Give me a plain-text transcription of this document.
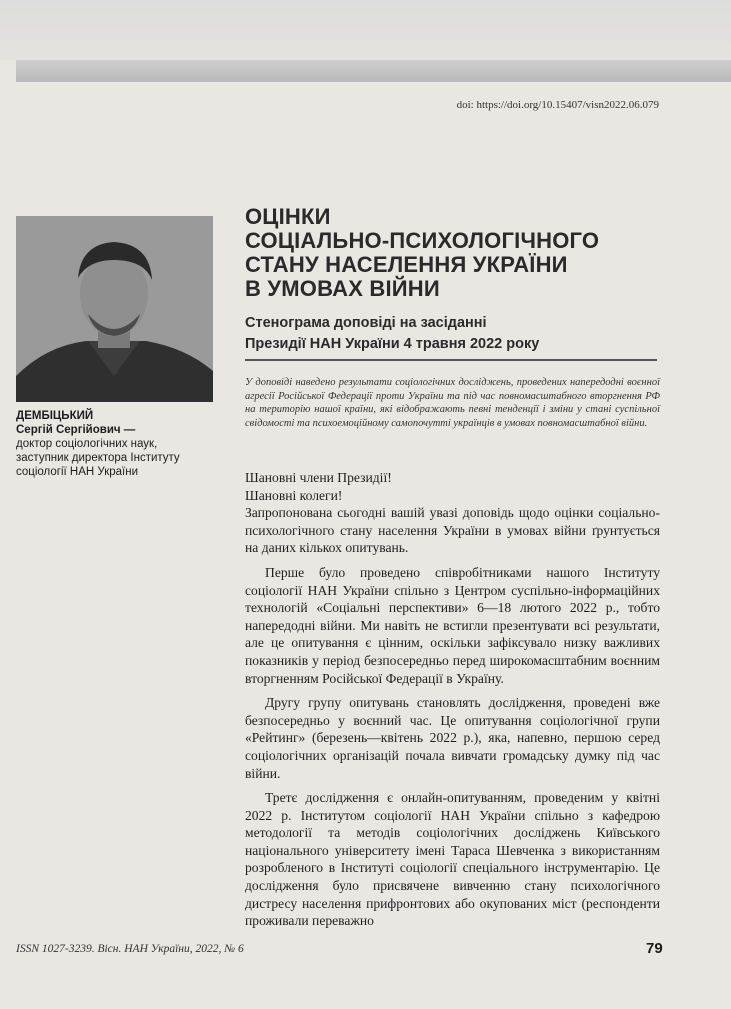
doi: https://doi.org/10.15407/visn2022.06.079
ДЕМБІЦЬКИЙ
Сергій Сергійович —
доктор соціологічних наук,
заступник директора Інституту
соціології НАН України
ОЦІНКИ
СОЦІАЛЬНО-ПСИХОЛОГІЧНОГО
СТАНУ НАСЕЛЕННЯ УКРАЇНИ
В УМОВАХ ВІЙНИ
Стенограма доповіді на засіданні
Президії НАН України 4 травня 2022 року
У доповіді наведено результати соціологічних досліджень, проведених напередодні воєнної агресії Російської Федерації проти України та під час повномасштабного вторгнення РФ на територію нашої країни, які відображають певні тенденції і зміни у стані суспільної свідомості та психоемоційному самопочутті українців в умовах повномасштабної війни.

Шановні члени Президії!

Шановні колеги!

Запропонована сьогодні вашій увазі доповідь щодо оцінки соціально-психологічного стану населення України в умовах війни ґрунтується на даних кількох опитувань.

Перше було проведено співробітниками нашого Інституту соціології НАН України спільно з Центром суспільно-інформаційних технологій «Соціальні перспективи» 6—18 лютого 2022 р., тобто напередодні війни. Ми навіть не встигли презентувати всі результати, але це опитування є цінним, оскільки зафіксувало низку важливих показників у період безпосередньо перед широкомасштабним воєнним вторгненням Російської Федерації в Україну.

Другу групу опитувань становлять дослідження, проведені вже безпосередньо у воєнний час. Це опитування соціологічної групи «Рейтинг» (березень—квітень 2022 р.), яка, напевно, першою серед соціологічних організацій почала вивчати громадську думку під час війни.

Третє дослідження є онлайн-опитуванням, проведеним у квітні 2022 р. Інститутом соціології НАН України спільно з кафедрою методології та методів соціологічних досліджень Київського національного університету імені Тараса Шевченка з використанням розробленого в Інституті соціології спеціального інструментарію. Це дослідження було присвячене вивченню стану психологічного дистресу населення прифронтових або окупованих міст (респонденти проживали переважно

ISSN 1027-3239. Вісн. НАН України, 2022, № 6	79
